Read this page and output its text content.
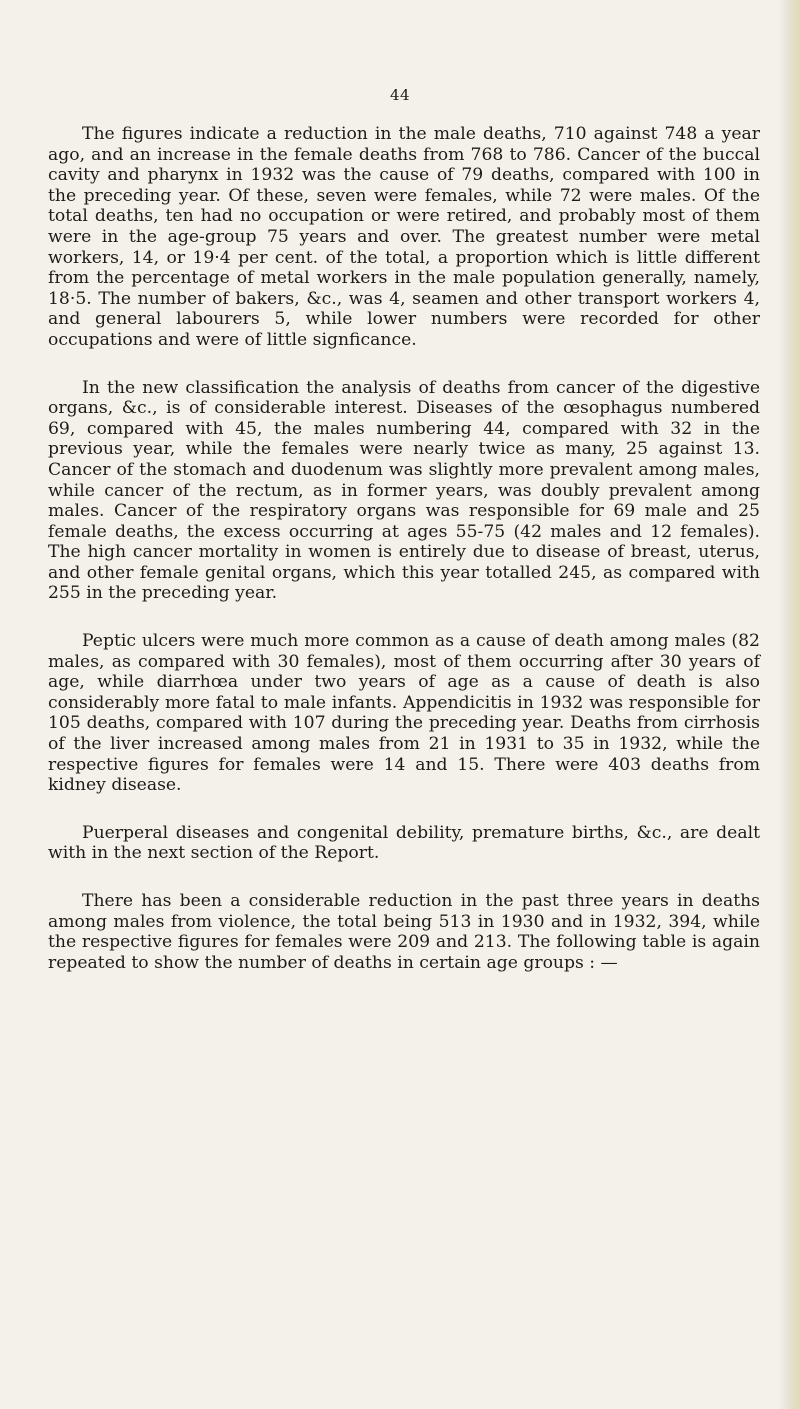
44

The figures indicate a reduction in the male deaths, 710 against 748 a year ago, and an increase in the female deaths from 768 to 786. Cancer of the buccal cavity and pharynx in 1932 was the cause of 79 deaths, compared with 100 in the preceding year. Of these, seven were females, while 72 were males. Of the total deaths, ten had no occupation or were retired, and probably most of them were in the age-group 75 years and over. The greatest number were metal workers, 14, or 19·4 per cent. of the total, a proportion which is little different from the percentage of metal workers in the male population generally, namely, 18·5. The number of bakers, &c., was 4, seamen and other transport workers 4, and general labourers 5, while lower numbers were recorded for other occupations and were of little signficance.

In the new classification the analysis of deaths from cancer of the digestive organs, &c., is of considerable interest. Diseases of the œsophagus numbered 69, compared with 45, the males numbering 44, compared with 32 in the previous year, while the females were nearly twice as many, 25 against 13. Cancer of the stomach and duodenum was slightly more prevalent among males, while cancer of the rectum, as in former years, was doubly prevalent among males. Cancer of the respiratory organs was responsible for 69 male and 25 female deaths, the excess occurring at ages 55-75 (42 males and 12 females). The high cancer mortality in women is entirely due to disease of breast, uterus, and other female genital organs, which this year totalled 245, as compared with 255 in the preceding year.

Peptic ulcers were much more common as a cause of death among males (82 males, as compared with 30 females), most of them occurring after 30 years of age, while diarrhœa under two years of age as a cause of death is also considerably more fatal to male infants. Appendicitis in 1932 was responsible for 105 deaths, compared with 107 during the preceding year. Deaths from cirrhosis of the liver increased among males from 21 in 1931 to 35 in 1932, while the respective figures for females were 14 and 15. There were 403 deaths from kidney disease.

Puerperal diseases and congenital debility, premature births, &c., are dealt with in the next section of the Report.

There has been a considerable reduction in the past three years in deaths among males from violence, the total being 513 in 1930 and in 1932, 394, while the respective figures for females were 209 and 213. The following table is again repeated to show the number of deaths in certain age groups : —
